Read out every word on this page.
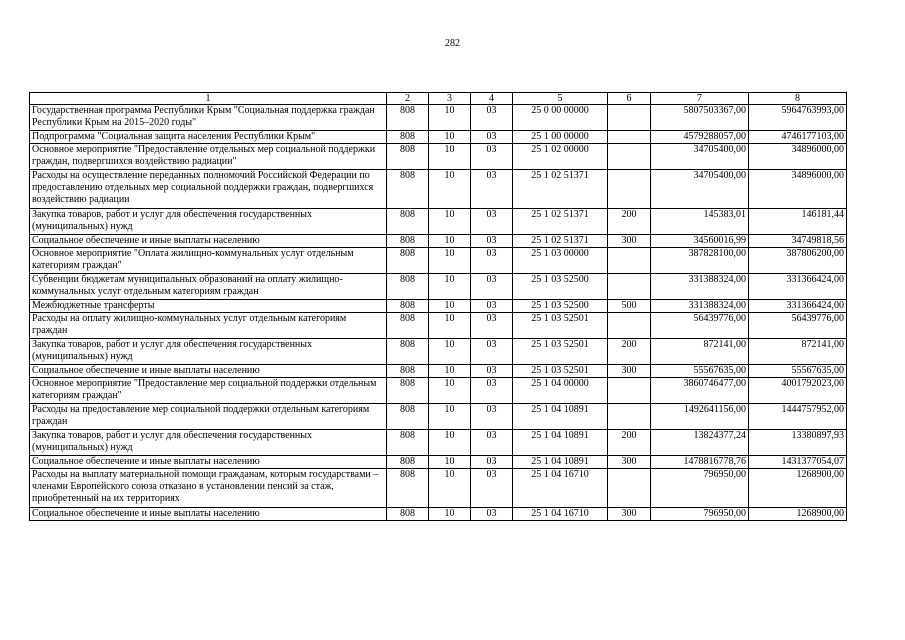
282
1	2	3	4	5	6	7	8
Государственная программа Республики Крым "Социальная поддержка граждан Республики Крым на 2015–2020 годы"	808	10	03	25 0 00 00000		5807503367,00	5964763993,00
Подпрограмма "Социальная защита населения Республики Крым"	808	10	03	25 1 00 00000		4579288057,00	4746177103,00
Основное мероприятие "Предоставление отдельных мер социальной поддержки граждан, подвергшихся воздействию радиации"	808	10	03	25 1 02 00000		34705400,00	34896000,00
Расходы на осуществление переданных полномочий Российской Федерации по предоставлению отдельных мер социальной поддержки граждан, подвергшихся воздействию радиации	808	10	03	25 1 02 51371		34705400,00	34896000,00
Закупка товаров, работ и услуг для обеспечения государственных (муниципальных) нужд	808	10	03	25 1 02 51371	200	145383,01	146181,44
Социальное обеспечение и иные выплаты населению	808	10	03	25 1 02 51371	300	34560016,99	34749818,56
Основное мероприятие "Оплата жилищно-коммунальных услуг отдельным категориям граждан"	808	10	03	25 1 03 00000		387828100,00	387806200,00
Субвенции бюджетам муниципальных образований на оплату жилищно-коммунальных услуг отдельным категориям граждан	808	10	03	25 1 03 52500		331388324,00	331366424,00
Межбюджетные трансферты	808	10	03	25 1 03 52500	500	331388324,00	331366424,00
Расходы на оплату жилищно-коммунальных услуг отдельным категориям граждан	808	10	03	25 1 03 52501		56439776,00	56439776,00
Закупка товаров, работ и услуг для обеспечения государственных (муниципальных) нужд	808	10	03	25 1 03 52501	200	872141,00	872141,00
Социальное обеспечение и иные выплаты населению	808	10	03	25 1 03 52501	300	55567635,00	55567635,00
Основное мероприятие "Предоставление мер социальной поддержки отдельным категориям граждан"	808	10	03	25 1 04 00000		3860746477,00	4001792023,00
Расходы на предоставление мер социальной поддержки отдельным категориям граждан	808	10	03	25 1 04 10891		1492641156,00	1444757952,00
Закупка товаров, работ и услуг для обеспечения государственных (муниципальных) нужд	808	10	03	25 1 04 10891	200	13824377,24	13380897,93
Социальное обеспечение и иные выплаты населению	808	10	03	25 1 04 10891	300	1478816778,76	1431377054,07
Расходы на выплату материальной помощи гражданам, которым государствами – членами Европейского союза отказано в установлении пенсий за стаж, приобретенный на их территориях	808	10	03	25 1 04 16710		796950,00	1268900,00
Социальное обеспечение и иные выплаты населению	808	10	03	25 1 04 16710	300	796950,00	1268900,00
